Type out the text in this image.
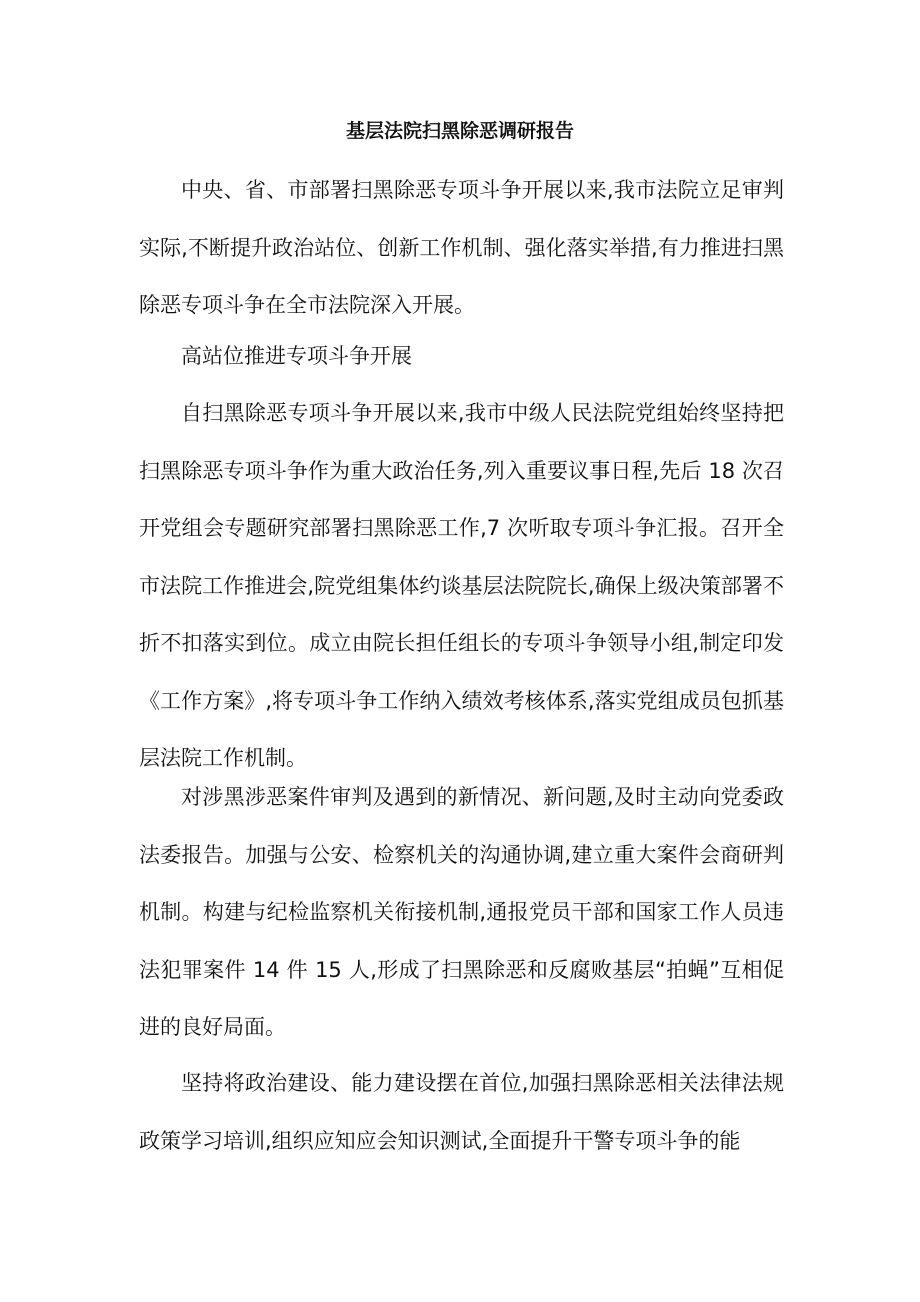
基层法院扫黑除恶调研报告

中央、省、市部署扫黑除恶专项斗争开展以来,我市法院立足审判实际,不断提升政治站位、创新工作机制、强化落实举措,有力推进扫黑除恶专项斗争在全市法院深入开展。

高站位推进专项斗争开展

自扫黑除恶专项斗争开展以来,我市中级人民法院党组始终坚持把扫黑除恶专项斗争作为重大政治任务,列入重要议事日程,先后 18 次召开党组会专题研究部署扫黑除恶工作,7 次听取专项斗争汇报。召开全市法院工作推进会,院党组集体约谈基层法院院长,确保上级决策部署不折不扣落实到位。成立由院长担任组长的专项斗争领导小组,制定印发《工作方案》,将专项斗争工作纳入绩效考核体系,落实党组成员包抓基层法院工作机制。

对涉黑涉恶案件审判及遇到的新情况、新问题,及时主动向党委政法委报告。加强与公安、检察机关的沟通协调,建立重大案件会商研判机制。构建与纪检监察机关衔接机制,通报党员干部和国家工作人员违法犯罪案件 14 件 15 人,形成了扫黑除恶和反腐败基层“拍蝇”互相促进的良好局面。

坚持将政治建设、能力建设摆在首位,加强扫黑除恶相关法律法规政策学习培训,组织应知应会知识测试,全面提升干警专项斗争的能
